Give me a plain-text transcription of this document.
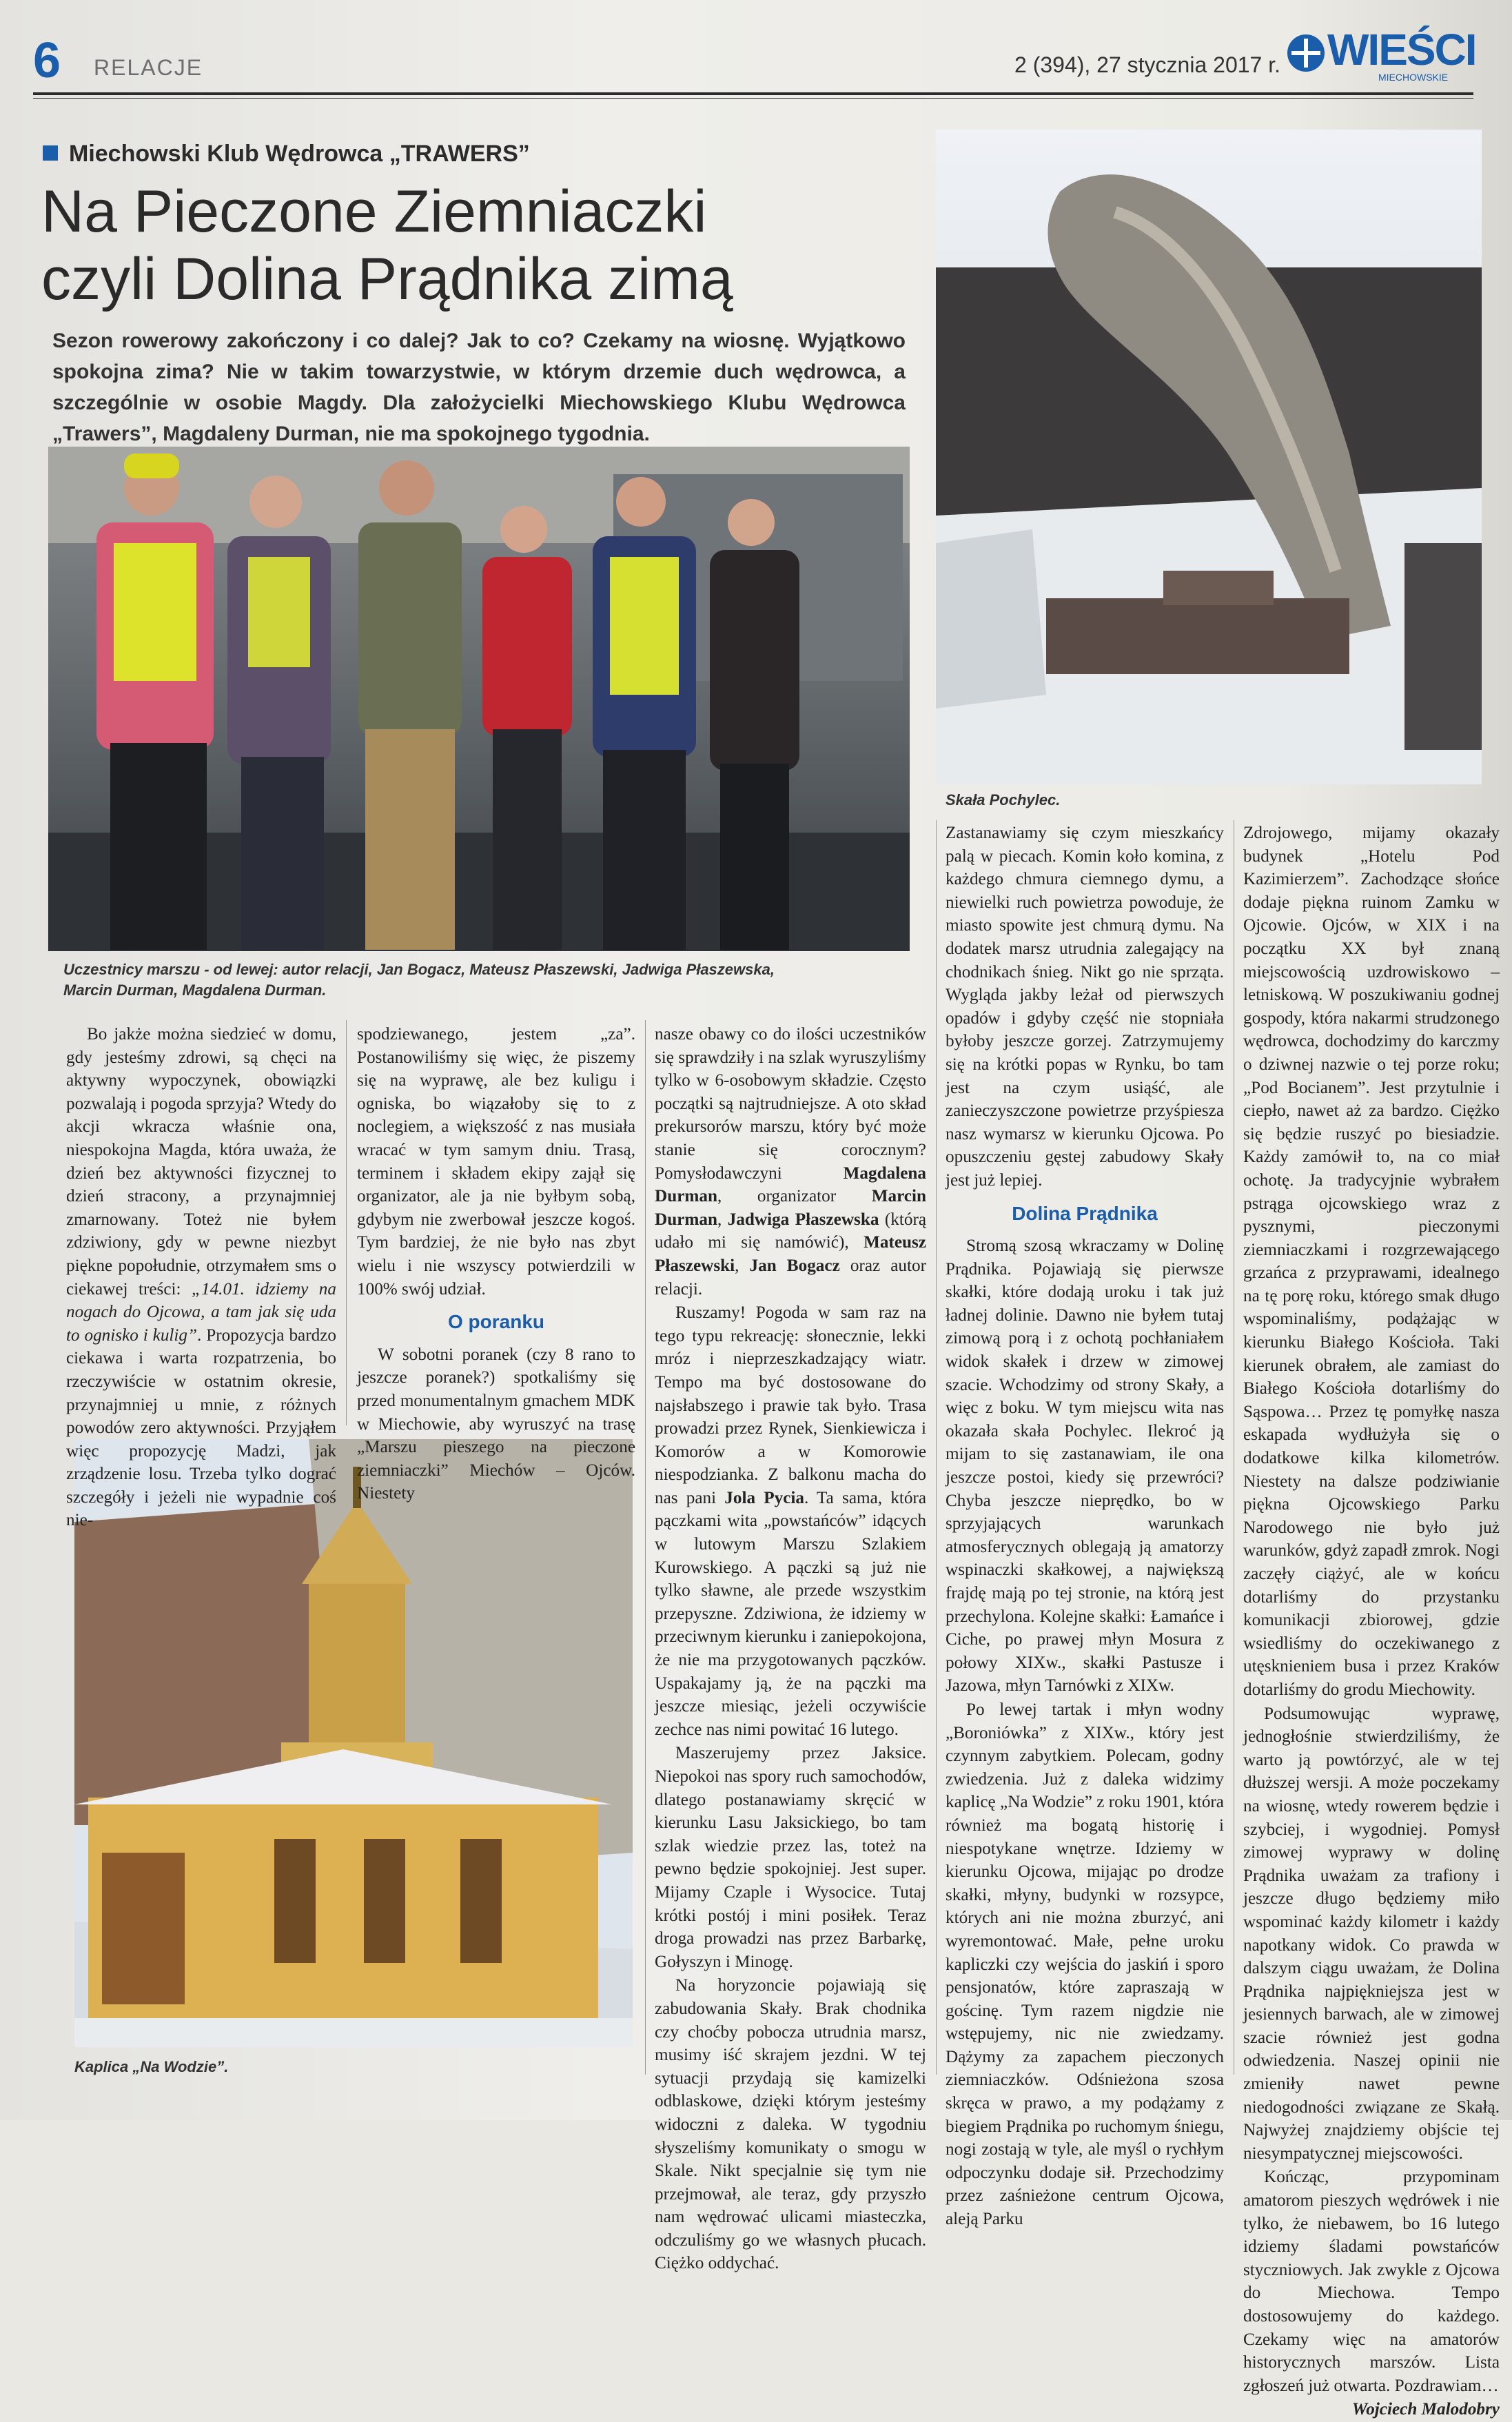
6 RELACJE	2 (394), 27 stycznia 2017 r. WIEŚCI
MIECHOWSKIE
Miechowski Klub Wędrowca „TRAWERS”
Na Pieczone Ziemniaczki
czyli Dolina Prądnika zimą

Sezon rowerowy zakończony i co dalej? Jak to co? Czekamy na wiosnę. Wyjątkowo spokojna zima? Nie w takim towarzystwie, w którym drzemie duch wędrowca, a szczególnie w osobie Magdy. Dla założycielki Miechowskiego Klubu Wędrowca „Trawers”, Magdaleny Durman, nie ma spokojnego tygodnia.

Uczestnicy marszu - od lewej: autor relacji, Jan Bogacz, Mateusz Płaszewski, Jadwiga Płaszewska, Marcin Durman, Magdalena Durman.
Skała Pochylec.
Kaplica „Na Wodzie”.

Bo jakże można siedzieć w domu, gdy jesteśmy zdrowi, są chęci na aktywny wypoczynek, obowiązki pozwalają i pogoda sprzyja? Wtedy do akcji wkracza właśnie ona, niespokojna Magda, która uważa, że dzień bez aktywności fizycznej to dzień stracony, a przynajmniej zmarnowany. Toteż nie byłem zdziwiony, gdy w pewne niezbyt piękne popołudnie, otrzymałem sms o ciekawej treści: „14.01. idziemy na nogach do Ojcowa, a tam jak się uda to ognisko i kulig”. Propozycja bardzo ciekawa i warta rozpatrzenia, bo rzeczywiście w ostatnim okresie, przynajmniej u mnie, z różnych powodów zero aktywności. Przyjąłem więc propozycję Madzi, jak zrządzenie losu. Trzeba tylko dograć szczegóły i jeżeli nie wypadnie coś nie-

spodziewanego, jestem „za”. Postanowiliśmy się więc, że piszemy się na wyprawę, ale bez kuligu i ogniska, bo wiązałoby się to z noclegiem, a większość z nas musiała wracać w tym samym dniu. Trasą, terminem i składem ekipy zajął się organizator, ale ja nie byłbym sobą, gdybym nie zwerbował jeszcze kogoś. Tym bardziej, że nie było nas zbyt wielu i nie wszyscy potwierdzili w 100% swój udział.

O poranku

W sobotni poranek (czy 8 rano to jeszcze poranek?) spotkaliśmy się przed monumentalnym gmachem MDK w Miechowie, aby wyruszyć na trasę „Marszu pieszego na pieczone ziemniaczki” Miechów – Ojców. Niestety

nasze obawy co do ilości uczestników się sprawdziły i na szlak wyruszyliśmy tylko w 6-osobowym składzie. Często początki są najtrudniejsze. A oto skład prekursorów marszu, który być może stanie się corocznym? Pomysłodawczyni Magdalena Durman, organizator Marcin Durman, Jadwiga Płaszewska (którą udało mi się namówić), Mateusz Płaszewski, Jan Bogacz oraz autor relacji.

Ruszamy! Pogoda w sam raz na tego typu rekreację: słonecznie, lekki mróz i nieprzeszkadzający wiatr. Tempo ma być dostosowane do najsłabszego i prawie tak było. Trasa prowadzi przez Rynek, Sienkiewicza i Komorów a w Komorowie niespodzianka. Z balkonu macha do nas pani Jola Pycia. Ta sama, która pączkami wita „powstańców” idących w lutowym Marszu Szlakiem Kurowskiego. A pączki są już nie tylko sławne, ale przede wszystkim przepyszne. Zdziwiona, że idziemy w przeciwnym kierunku i zaniepokojona, że nie ma przygotowanych pączków. Uspakajamy ją, że na pączki ma jeszcze miesiąc, jeżeli oczywiście zechce nas nimi powitać 16 lutego.

Maszerujemy przez Jaksice. Niepokoi nas spory ruch samochodów, dlatego postanawiamy skręcić w kierunku Lasu Jaksickiego, bo tam szlak wiedzie przez las, toteż na pewno będzie spokojniej. Jest super. Mijamy Czaple i Wysocice. Tutaj krótki postój i mini posiłek. Teraz droga prowadzi nas przez Barbarkę, Gołyszyn i Minogę.

Na horyzoncie pojawiają się zabudowania Skały. Brak chodnika czy choćby pobocza utrudnia marsz, musimy iść skrajem jezdni. W tej sytuacji przydają się kamizelki odblaskowe, dzięki którym jesteśmy widoczni z daleka. W tygodniu słyszeliśmy komunikaty o smogu w Skale. Nikt specjalnie się tym nie przejmował, ale teraz, gdy przyszło nam wędrować ulicami miasteczka, odczuliśmy go we własnych płucach. Ciężko oddychać.

Zastanawiamy się czym mieszkańcy palą w piecach. Komin koło komina, z każdego chmura ciemnego dymu, a niewielki ruch powietrza powoduje, że miasto spowite jest chmurą dymu. Na dodatek marsz utrudnia zalegający na chodnikach śnieg. Nikt go nie sprząta. Wygląda jakby leżał od pierwszych opadów i gdyby część nie stopniała byłoby jeszcze gorzej. Zatrzymujemy się na krótki popas w Rynku, bo tam jest na czym usiąść, ale zanieczyszczone powietrze przyśpiesza nasz wymarsz w kierunku Ojcowa. Po opuszczeniu gęstej zabudowy Skały jest już lepiej.

Dolina Prądnika

Stromą szosą wkraczamy w Dolinę Prądnika. Pojawiają się pierwsze skałki, które dodają uroku i tak już ładnej dolinie. Dawno nie byłem tutaj zimową porą i z ochotą pochłaniałem widok skałek i drzew w zimowej szacie. Wchodzimy od strony Skały, a więc z boku. W tym miejscu wita nas okazała skała Pochylec. Ilekroć ją mijam to się zastanawiam, ile ona jeszcze postoi, kiedy się przewróci? Chyba jeszcze nieprędko, bo w sprzyjających warunkach atmosferycznych oblegają ją amatorzy wspinaczki skałkowej, a największą frajdę mają po tej stronie, na którą jest przechylona. Kolejne skałki: Łamańce i Ciche, po prawej młyn Mosura z połowy XIXw., skałki Pastusze i Jazowa, młyn Tarnówki z XIXw.

Po lewej tartak i młyn wodny „Boroniówka” z XIXw., który jest czynnym zabytkiem. Polecam, godny zwiedzenia. Już z daleka widzimy kaplicę „Na Wodzie” z roku 1901, która również ma bogatą historię i niespotykane wnętrze. Idziemy w kierunku Ojcowa, mijając po drodze skałki, młyny, budynki w rozsypce, których ani nie można zburzyć, ani wyremontować. Małe, pełne uroku kapliczki czy wejścia do jaskiń i sporo pensjonatów, które zapraszają w gościnę. Tym razem nigdzie nie wstępujemy, nic nie zwiedzamy. Dążymy za zapachem pieczonych ziemniaczków. Odśnieżona szosa skręca w prawo, a my podążamy z biegiem Prądnika po ruchomym śniegu, nogi zostają w tyle, ale myśl o rychłym odpoczynku dodaje sił. Przechodzimy przez zaśnieżone centrum Ojcowa, aleją Parku

Zdrojowego, mijamy okazały budynek „Hotelu Pod Kazimierzem”. Zachodzące słońce dodaje piękna ruinom Zamku w Ojcowie. Ojców, w XIX i na początku XX był znaną miejscowością uzdrowiskowo – letniskową. W poszukiwaniu godnej gospody, która nakarmi strudzonego wędrowca, dochodzimy do karczmy o dziwnej nazwie o tej porze roku; „Pod Bocianem”. Jest przytulnie i ciepło, nawet aż za bardzo. Ciężko się będzie ruszyć po biesiadzie. Każdy zamówił to, na co miał ochotę. Ja tradycyjnie wybrałem pstrąga ojcowskiego wraz z pysznymi, pieczonymi ziemniaczkami i rozgrzewającego grzańca z przyprawami, idealnego na tę porę roku, którego smak długo wspominaliśmy, podążając w kierunku Białego Kościoła. Taki kierunek obrałem, ale zamiast do Białego Kościoła dotarliśmy do Sąspowa… Przez tę pomyłkę nasza eskapada wydłużyła się o dodatkowe kilka kilometrów. Niestety na dalsze podziwianie piękna Ojcowskiego Parku Narodowego nie było już warunków, gdyż zapadł zmrok. Nogi zaczęły ciążyć, ale w końcu dotarliśmy do przystanku komunikacji zbiorowej, gdzie wsiedliśmy do oczekiwanego z utęsknieniem busa i przez Kraków dotarliśmy do grodu Miechowity.

Podsumowując wyprawę, jednogłośnie stwierdziliśmy, że warto ją powtórzyć, ale w tej dłuższej wersji. A może poczekamy na wiosnę, wtedy rowerem będzie i szybciej, i wygodniej. Pomysł zimowej wyprawy w dolinę Prądnika uważam za trafiony i jeszcze długo będziemy miło wspominać każdy kilometr i każdy napotkany widok. Co prawda w dalszym ciągu uważam, że Dolina Prądnika najpiękniejsza jest w jesiennych barwach, ale w zimowej szacie również jest godna odwiedzenia. Naszej opinii nie zmieniły nawet pewne niedogodności związane ze Skałą. Najwyżej znajdziemy objście tej niesympatycznej miejscowości.

Kończąc, przypominam amatorom pieszych wędrówek i nie tylko, że niebawem, bo 16 lutego idziemy śladami powstańców styczniowych. Jak zwykle z Ojcowa do Miechowa. Tempo dostosowujemy do każdego. Czekamy więc na amatorów historycznych marszów. Lista zgłoszeń już otwarta. Pozdrawiam…

Wojciech Malodobry
